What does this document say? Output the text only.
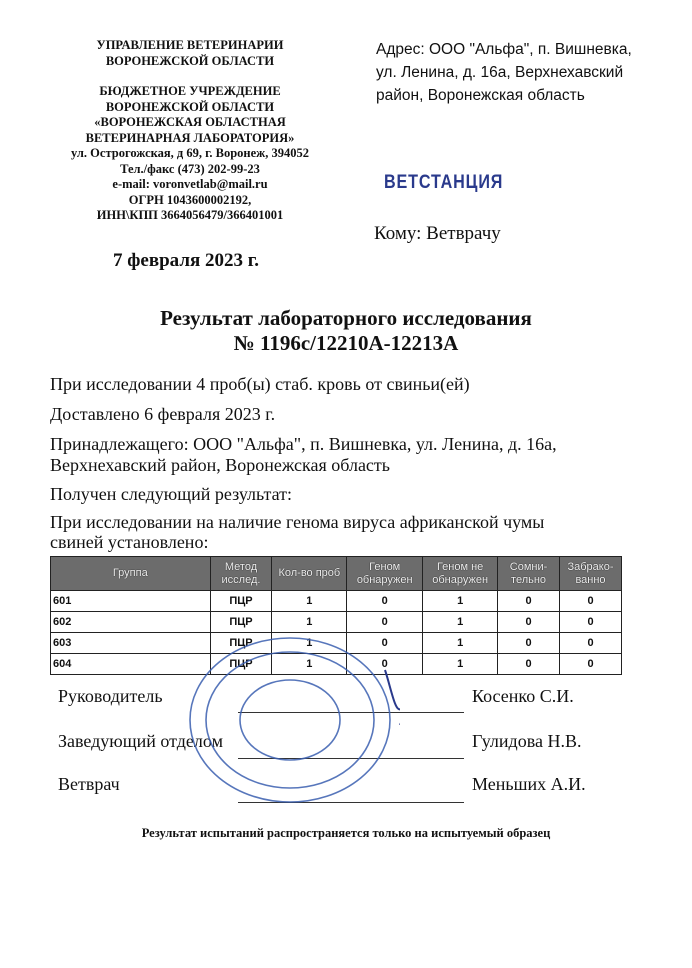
УПРАВЛЕНИЕ ВЕТЕРИНАРИИ
ВОРОНЕЖСКОЙ ОБЛАСТИ
БЮДЖЕТНОЕ УЧРЕЖДЕНИЕ
ВОРОНЕЖСКОЙ ОБЛАСТИ
«ВОРОНЕЖСКАЯ ОБЛАСТНАЯ
ВЕТЕРИНАРНАЯ ЛАБОРАТОРИЯ»
ул. Острогожская, д 69, г. Воронеж, 394052
Тел./факс (473) 202-99-23
e-mail: voronvetlab@mail.ru
ОГРН 1043600002192,
ИНН\КПП 3664056479/366401001
Адрес: ООО "Альфа", п. Вишневка,
ул. Ленина, д. 16а, Верхнехавский
район, Воронежская область
ВЕТСТАНЦИЯ
Кому: Ветврачу
7 февраля 2023 г.
Результат лабораторного исследования
№ 1196с/12210А-12213А
При исследовании 4 проб(ы) стаб. кровь от свиньи(ей)
Доставлено 6 февраля 2023 г.
Принадлежащего: ООО "Альфа", п. Вишневка, ул. Ленина, д. 16а,
Верхнехавский район, Воронежская область
Получен следующий результат:
При исследовании на наличие генома вируса африканской чумы
свиней установлено:
Группа	Метод исслед.	Кол-во проб	Геном обнаружен	Геном не обнаружен	Сомни-тельно	Забрако-ванно
601	ПЦР	1	0	1	0	0
602	ПЦР	1	0	1	0	0
603	ПЦР	1	0	1	0	0
604	ПЦР	1	0	1	0	0
Руководитель	Косенко С.И.
Заведующий отделом	Гулидова Н.В.
Ветврач	Меньших А.И.
Результат испытаний распространяется только на испытуемый образец
